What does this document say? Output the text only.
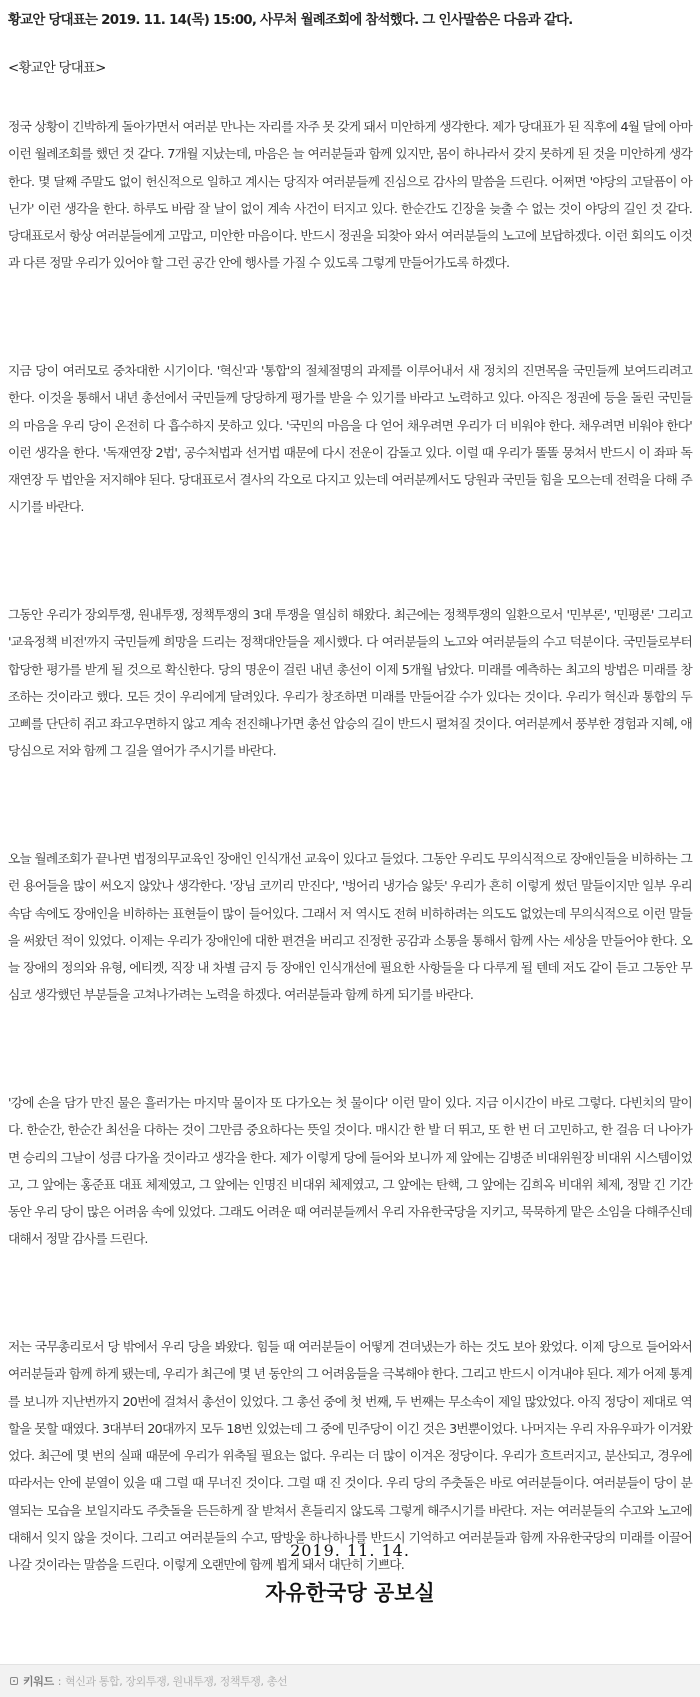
황교안 당대표는 2019. 11. 14(목) 15:00, 사무처 월례조회에 참석했다. 그 인사말씀은 다음과 같다.
<황교안 당대표>

정국 상황이 긴박하게 돌아가면서 여러분 만나는 자리를 자주 못 갖게 돼서 미안하게 생각한다. 제가 당대표가 된 직후에 4월 달에 아마 이런 월례조회를 했던 것 같다. 7개월 지났는데, 마음은 늘 여러분들과 함께 있지만, 몸이 하나라서 갖지 못하게 된 것을 미안하게 생각한다. 몇 달째 주말도 없이 헌신적으로 일하고 계시는 당직자 여러분들께 진심으로 감사의 말씀을 드린다. 어쩌면 '야당의 고달픔이 아닌가' 이런 생각을 한다. 하루도 바람 잘 날이 없이 계속 사건이 터지고 있다. 한순간도 긴장을 늦출 수 없는 것이 야당의 길인 것 같다. 당대표로서 항상 여러분들에게 고맙고, 미안한 마음이다. 반드시 정권을 되찾아 와서 여러분들의 노고에 보답하겠다. 이런 회의도 이것과 다른 정말 우리가 있어야 할 그런 공간 안에 행사를 가질 수 있도록 그렇게 만들어가도록 하겠다.

지금 당이 여러모로 중차대한 시기이다. '혁신'과 '통합'의 절체절명의 과제를 이루어내서 새 정치의 진면목을 국민들께 보여드리려고 한다. 이것을 통해서 내년 총선에서 국민들께 당당하게 평가를 받을 수 있기를 바라고 노력하고 있다. 아직은 정권에 등을 돌린 국민들의 마음을 우리 당이 온전히 다 흡수하지 못하고 있다. '국민의 마음을 다 얻어 채우려면 우리가 더 비워야 한다. 채우려면 비워야 한다' 이런 생각을 한다. '독재연장 2법', 공수처법과 선거법 때문에 다시 전운이 감돌고 있다. 이럴 때 우리가 똘똘 뭉쳐서 반드시 이 좌파 독재연장 두 법안을 저지해야 된다. 당대표로서 결사의 각오로 다지고 있는데 여러분께서도 당원과 국민들 힘을 모으는데 전력을 다해 주시기를 바란다.

그동안 우리가 장외투쟁, 원내투쟁, 정책투쟁의 3대 투쟁을 열심히 해왔다. 최근에는 정책투쟁의 일환으로서 '민부론', '민평론' 그리고 '교육정책 비전'까지 국민들께 희망을 드리는 정책대안들을 제시했다. 다 여러분들의 노고와 여러분들의 수고 덕분이다. 국민들로부터 합당한 평가를 받게 될 것으로 확신한다. 당의 명운이 걸린 내년 총선이 이제 5개월 남았다. 미래를 예측하는 최고의 방법은 미래를 창조하는 것이라고 했다. 모든 것이 우리에게 달려있다. 우리가 창조하면 미래를 만들어갈 수가 있다는 것이다. 우리가 혁신과 통합의 두 고삐를 단단히 쥐고 좌고우면하지 않고 계속 전진해나가면 총선 압승의 길이 반드시 펼쳐질 것이다. 여러분께서 풍부한 경험과 지혜, 애당심으로 저와 함께 그 길을 열어가 주시기를 바란다.

오늘 월례조회가 끝나면 법정의무교육인 장애인 인식개선 교육이 있다고 들었다. 그동안 우리도 무의식적으로 장애인들을 비하하는 그런 용어들을 많이 써오지 않았나 생각한다. '장님 코끼리 만진다', '벙어리 냉가슴 앓듯' 우리가 흔히 이렇게 썼던 말들이지만 일부 우리 속담 속에도 장애인을 비하하는 표현들이 많이 들어있다. 그래서 저 역시도 전혀 비하하려는 의도도 없었는데 무의식적으로 이런 말들을 써왔던 적이 있었다. 이제는 우리가 장애인에 대한 편견을 버리고 진정한 공감과 소통을 통해서 함께 사는 세상을 만들어야 한다. 오늘 장애의 정의와 유형, 에티켓, 직장 내 차별 금지 등 장애인 인식개선에 필요한 사항들을 다 다루게 될 텐데 저도 같이 듣고 그동안 무심코 생각했던 부분들을 고쳐나가려는 노력을 하겠다. 여러분들과 함께 하게 되기를 바란다.

'강에 손을 담가 만진 물은 흘러가는 마지막 물이자 또 다가오는 첫 물이다' 이런 말이 있다. 지금 이시간이 바로 그렇다. 다빈치의 말이다. 한순간, 한순간 최선을 다하는 것이 그만큼 중요하다는 뜻일 것이다. 매시간 한 발 더 뛰고, 또 한 번 더 고민하고, 한 걸음 더 나아가면 승리의 그날이 성큼 다가올 것이라고 생각을 한다. 제가 이렇게 당에 들어와 보니까 제 앞에는 김병준 비대위원장 비대위 시스템이었고, 그 앞에는 홍준표 대표 체제였고, 그 앞에는 인명진 비대위 체제였고, 그 앞에는 탄핵, 그 앞에는 김희옥 비대위 체제, 정말 긴 기간 동안 우리 당이 많은 어려움 속에 있었다. 그래도 어려운 때 여러분들께서 우리 자유한국당을 지키고, 묵묵하게 맡은 소임을 다해주신데 대해서 정말 감사를 드린다.

저는 국무총리로서 당 밖에서 우리 당을 봐왔다. 힘들 때 여러분들이 어떻게 견뎌냈는가 하는 것도 보아 왔었다. 이제 당으로 들어와서 여러분들과 함께 하게 됐는데, 우리가 최근에 몇 년 동안의 그 어려움들을 극복해야 한다. 그리고 반드시 이겨내야 된다. 제가 어제 통계를 보니까 지난번까지 20번에 걸쳐서 총선이 있었다. 그 총선 중에 첫 번째, 두 번째는 무소속이 제일 많았었다. 아직 정당이 제대로 역할을 못할 때였다. 3대부터 20대까지 모두 18번 있었는데 그 중에 민주당이 이긴 것은 3번뿐이었다. 나머지는 우리 자유우파가 이겨왔었다. 최근에 몇 번의 실패 때문에 우리가 위축될 필요는 없다. 우리는 더 많이 이겨온 정당이다. 우리가 흐트러지고, 분산되고, 경우에 따라서는 안에 분열이 있을 때 그럴 때 무너진 것이다. 그럴 때 진 것이다. 우리 당의 주춧돌은 바로 여러분들이다. 여러분들이 당이 분열되는 모습을 보일지라도 주춧돌을 든든하게 잘 받쳐서 흔들리지 않도록 그렇게 해주시기를 바란다. 저는 여러분들의 수고와 노고에 대해서 잊지 않을 것이다. 그리고 여러분들의 수고, 땀방울 하나하나를 반드시 기억하고 여러분들과 함께 자유한국당의 미래를 이끌어나갈 것이라는 말씀을 드린다. 이렇게 오랜만에 함께 뵙게 돼서 대단히 기쁘다.

2019. 11. 14.
자유한국당 공보실
키워드 : 혁신과 통합, 장외투쟁, 원내투쟁, 정책투쟁, 총선
